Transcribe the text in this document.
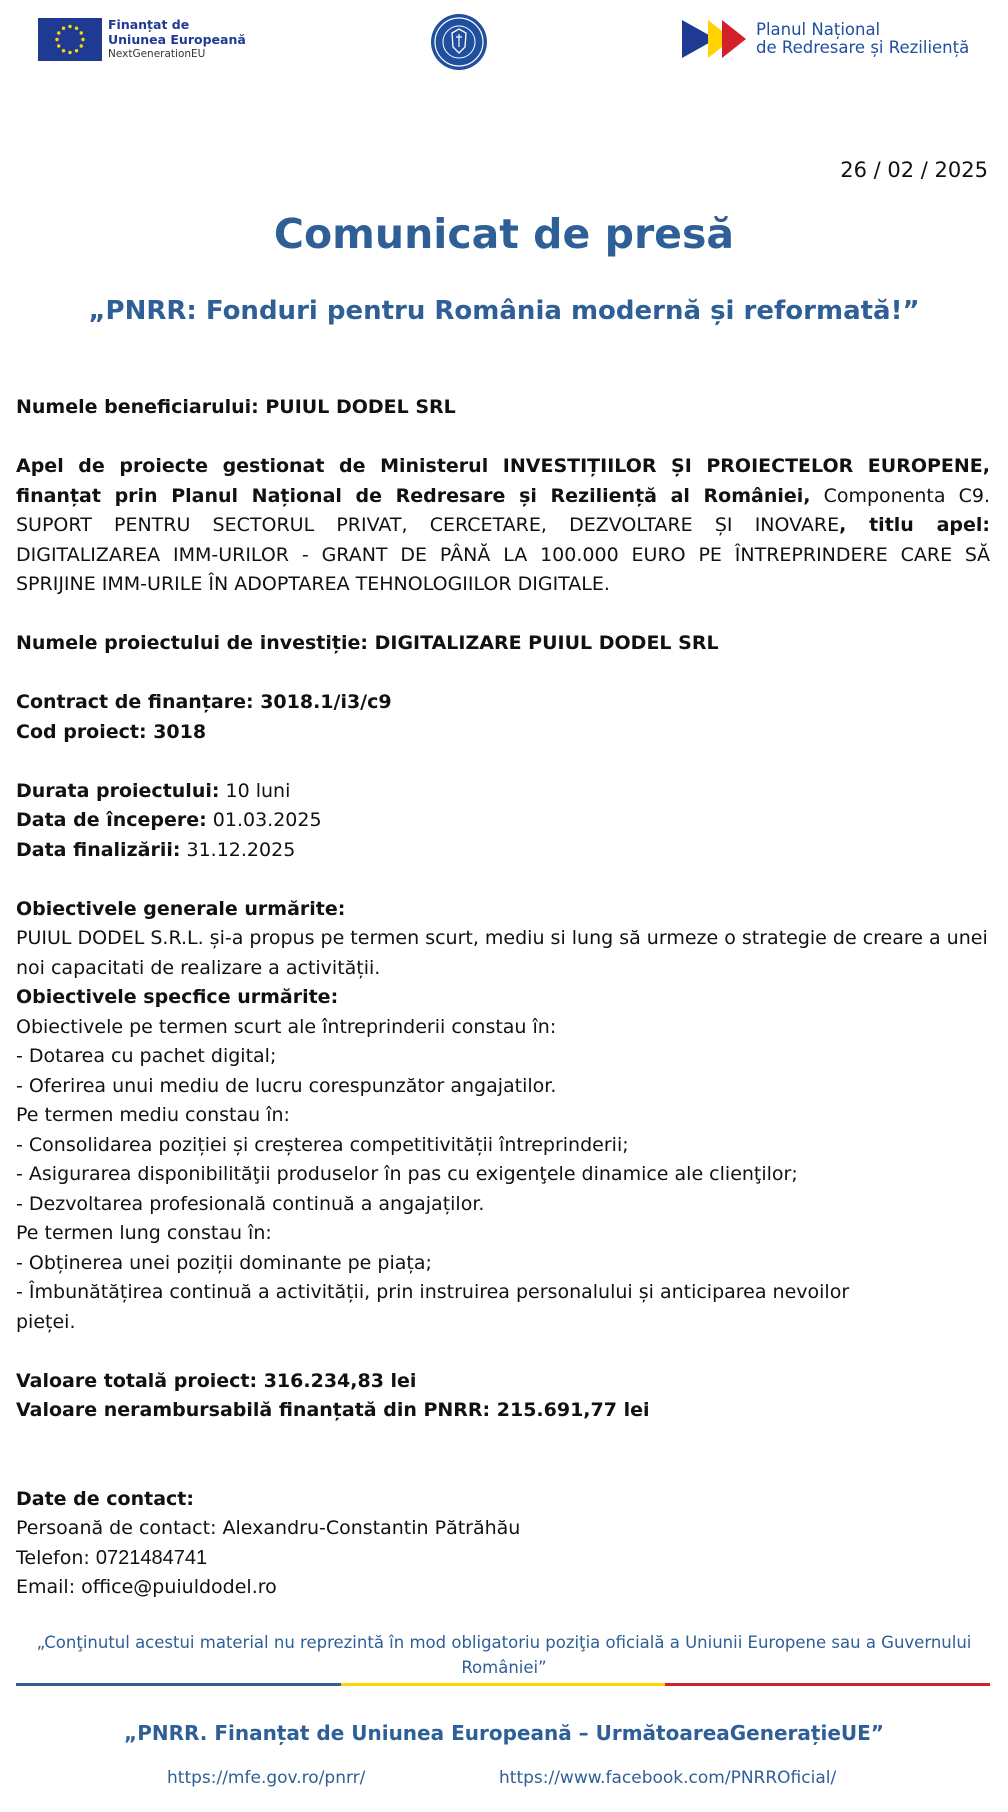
Finanțat de
Uniunea Europeană
NextGenerationEU
Planul Național
de Redresare și Reziliență
26 / 02 / 2025
Comunicat de presă
„PNRR: Fonduri pentru România modernă și reformată!”

Numele beneficiarului: PUIUL DODEL SRL

Apel de proiecte gestionat de Ministerul INVESTIȚIILOR ȘI PROIECTELOR EUROPENE, finanțat prin Planul Național de Redresare și Reziliență al României, Componenta C9. SUPORT PENTRU SECTORUL PRIVAT, CERCETARE, DEZVOLTARE ȘI INOVARE, titlu apel: DIGITALIZAREA IMM-URILOR - GRANT DE PÂNĂ LA 100.000 EURO PE ÎNTREPRINDERE CARE SĂ SPRIJINE IMM-URILE ÎN ADOPTAREA TEHNOLOGIILOR DIGITALE.

Numele proiectului de investiție: DIGITALIZARE PUIUL DODEL SRL

Contract de finanțare: 3018.1/i3/c9

Cod proiect: 3018

Durata proiectului: 10 luni

Data de începere: 01.03.2025

Data finalizării: 31.12.2025

Obiectivele generale urmărite:

PUIUL DODEL S.R.L. și-a propus pe termen scurt, mediu si lung să urmeze o strategie de creare a unei noi capacitati de realizare a activității.

Obiectivele specfice urmărite:

Obiectivele pe termen scurt ale întreprinderii constau în:

- Dotarea cu pachet digital;

- Oferirea unui mediu de lucru corespunzător angajatilor.

Pe termen mediu constau în:

- Consolidarea poziției și creșterea competitivității întreprinderii;

- Asigurarea disponibilităţii produselor în pas cu exigenţele dinamice ale clienţilor;

- Dezvoltarea profesională continuă a angajaților.

Pe termen lung constau în:

- Obținerea unei poziții dominante pe piața;

- Îmbunătățirea continuă a activității, prin instruirea personalului și anticiparea nevoilor

pieței.

Valoare totală proiect: 316.234,83 lei

Valoare nerambursabilă finanțată din PNRR: 215.691,77 lei

Date de contact:

Persoană de contact: Alexandru-Constantin Pătrăhău

Telefon: 0721484741

Email: office@puiuldodel.ro

„Conţinutul acestui material nu reprezintă în mod obligatoriu poziţia oficială a Uniunii Europene sau a Guvernului României”
„PNRR. Finanțat de Uniunea Europeană – UrmătoareaGenerațieUE”
https://mfe.gov.ro/pnrr/	https://www.facebook.com/PNRROficial/
